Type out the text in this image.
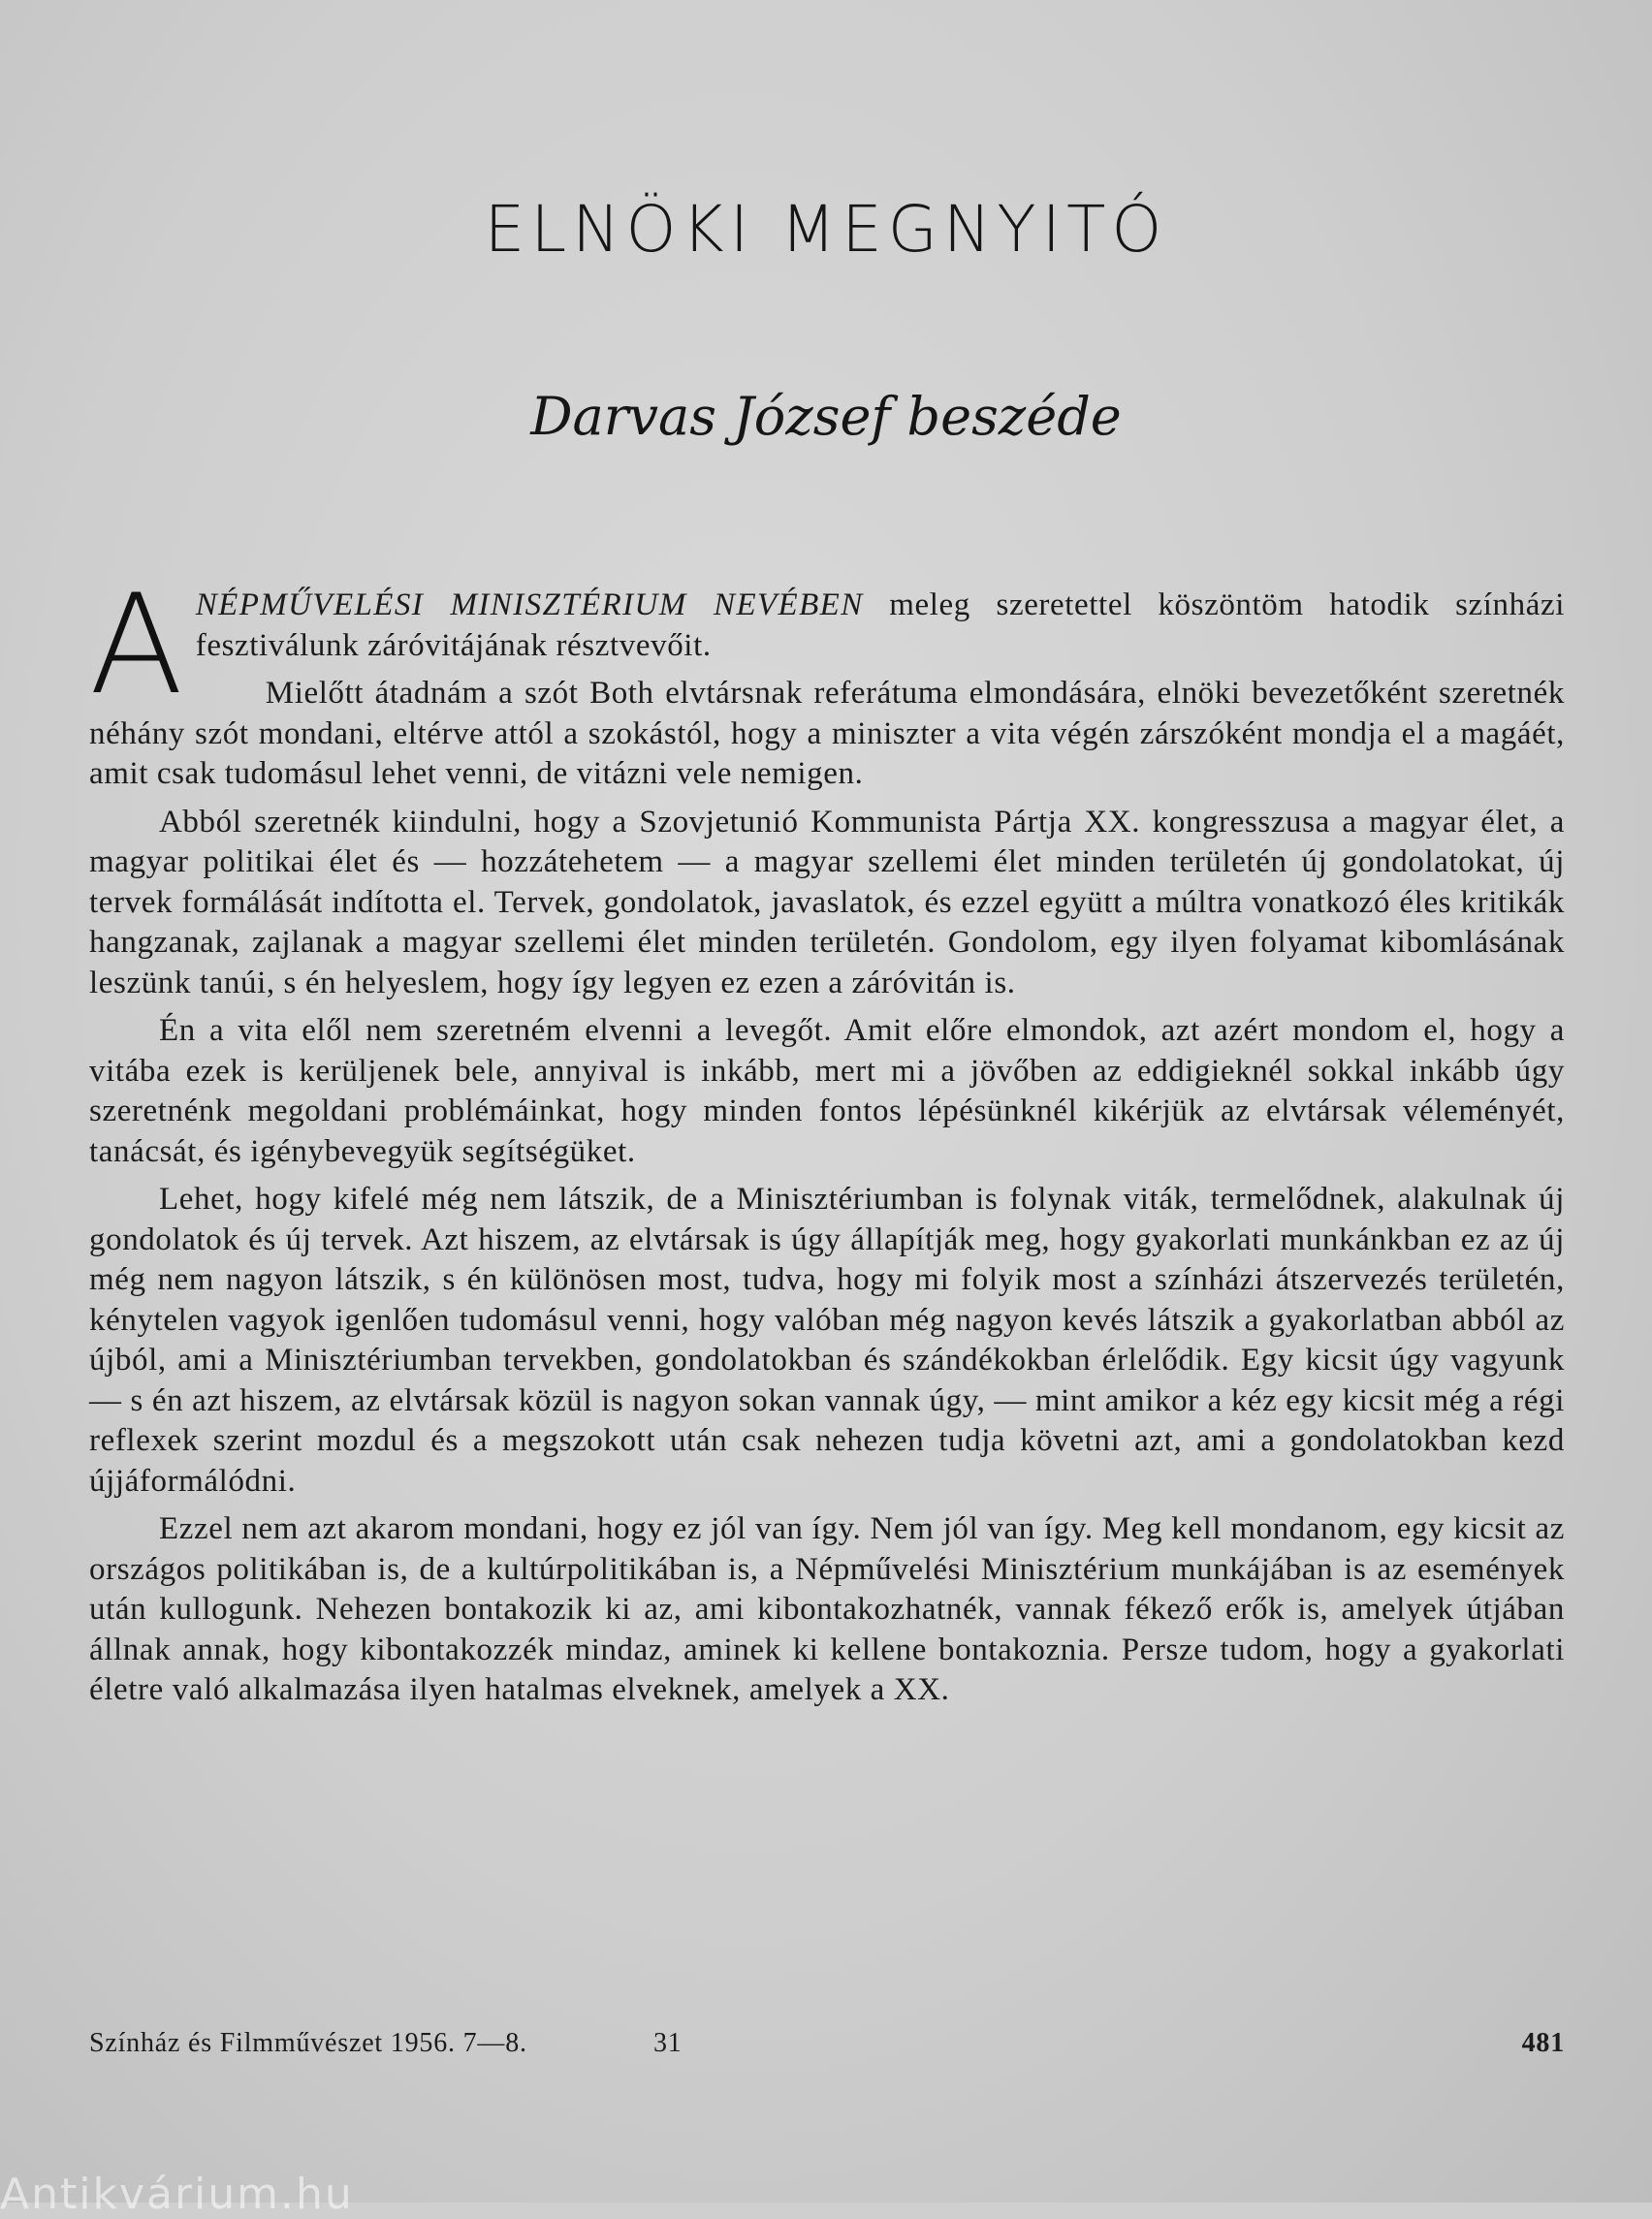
ELNÖKI MEGNYITÓ
Darvas József beszéde

ANÉPMŰVELÉSI MINISZTÉRIUM NEVÉBEN meleg szeretettel köszöntöm hatodik színházi fesztiválunk záróvitájának résztvevőit.

Mielőtt átadnám a szót Both elvtársnak referátuma elmondására, elnöki bevezetőként szeretnék néhány szót mondani, eltérve attól a szokástól, hogy a miniszter a vita végén zárszóként mondja el a magáét, amit csak tudomásul lehet venni, de vitázni vele nemigen.

Abból szeretnék kiindulni, hogy a Szovjetunió Kommunista Pártja XX. kongresszusa a magyar élet, a magyar politikai élet és — hozzátehetem — a magyar szellemi élet minden területén új gondolatokat, új tervek formálását indította el. Tervek, gondolatok, javaslatok, és ezzel együtt a múltra vonatkozó éles kritikák hangzanak, zajlanak a magyar szellemi élet minden területén. Gondolom, egy ilyen folyamat kibomlásának leszünk tanúi, s én helyeslem, hogy így legyen ez ezen a záróvitán is.

Én a vita elől nem szeretném elvenni a levegőt. Amit előre elmondok, azt azért mondom el, hogy a vitába ezek is kerüljenek bele, annyival is inkább, mert mi a jövőben az eddigieknél sokkal inkább úgy szeretnénk megoldani problémáinkat, hogy minden fontos lépésünknél kikérjük az elvtársak véleményét, tanácsát, és igénybevegyük segítségüket.

Lehet, hogy kifelé még nem látszik, de a Minisztériumban is folynak viták, termelődnek, alakulnak új gondolatok és új tervek. Azt hiszem, az elvtársak is úgy állapítják meg, hogy gyakorlati munkánkban ez az új még nem nagyon látszik, s én különösen most, tudva, hogy mi folyik most a színházi átszervezés területén, kénytelen vagyok igenlően tudomásul venni, hogy valóban még nagyon kevés látszik a gyakorlatban abból az újból, ami a Minisztériumban tervekben, gondolatokban és szándékokban érlelődik. Egy kicsit úgy vagyunk — s én azt hiszem, az elvtársak közül is nagyon sokan vannak úgy, — mint amikor a kéz egy kicsit még a régi reflexek szerint mozdul és a megszokott után csak nehezen tudja követni azt, ami a gondolatokban kezd újjáformálódni.

Ezzel nem azt akarom mondani, hogy ez jól van így. Nem jól van így. Meg kell mondanom, egy kicsit az országos politikában is, de a kultúrpolitikában is, a Népművelési Minisztérium munkájában is az események után kullogunk. Nehezen bontakozik ki az, ami kibontakozhatnék, vannak fékező erők is, amelyek útjában állnak annak, hogy kibontakozzék mindaz, aminek ki kellene bontakoznia. Persze tudom, hogy a gyakorlati életre való alkalmazása ilyen hatalmas elveknek, amelyek a XX.

Színház és Filmművészet 1956. 7—8.	31	481
Antikvárium.hu
